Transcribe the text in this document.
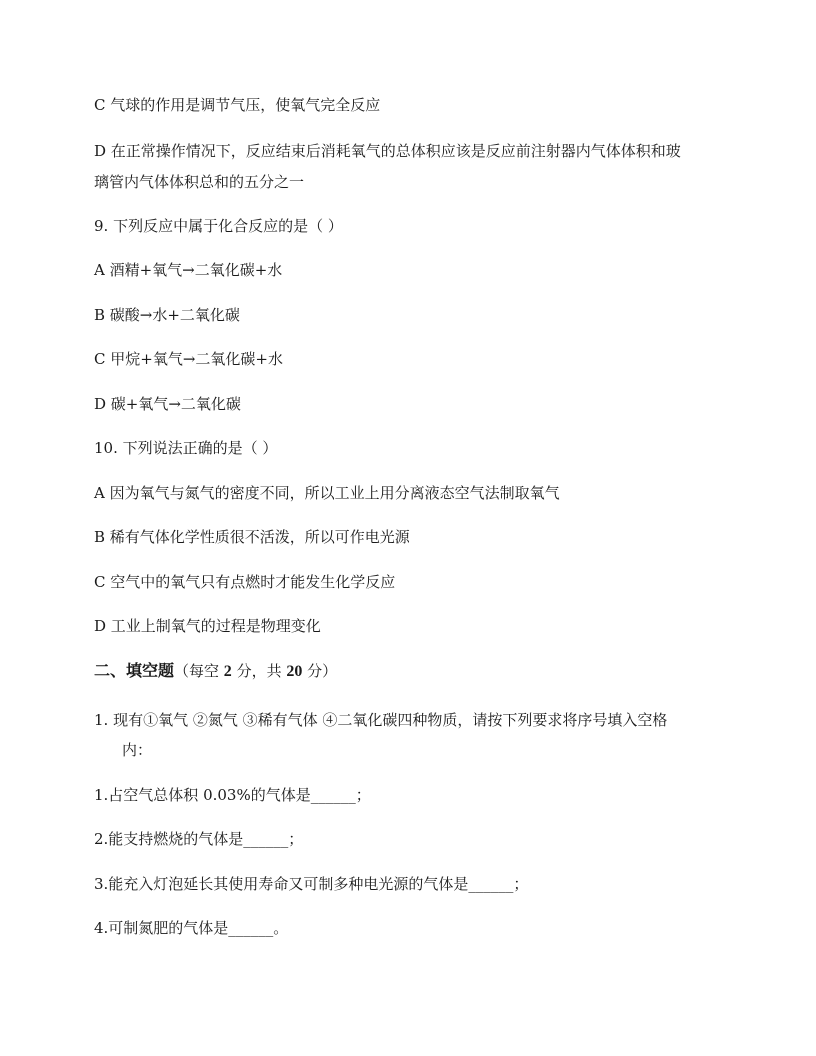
C 气球的作用是调节气压，使氧气完全反应
D 在正常操作情况下，反应结束后消耗氧气的总体积应该是反应前注射器内气体体积和玻
璃管内气体体积总和的五分之一
9. 下列反应中属于化合反应的是（ ）
A 酒精+氧气→二氧化碳+水
B 碳酸→水+二氧化碳
C 甲烷+氧气→二氧化碳+水
D 碳+氧气→二氧化碳
10. 下列说法正确的是（ ）
A 因为氧气与氮气的密度不同，所以工业上用分离液态空气法制取氧气
B 稀有气体化学性质很不活泼，所以可作电光源
C 空气中的氧气只有点燃时才能发生化学反应
D 工业上制氧气的过程是物理变化
二、填空题（每空 2 分，共 20 分）
1. 现有①氧气 ②氮气 ③稀有气体 ④二氧化碳四种物质，请按下列要求将序号填入空格
内：
1.占空气总体积 0.03%的气体是______；
2.能支持燃烧的气体是______；
3.能充入灯泡延长其使用寿命又可制多种电光源的气体是______；
4.可制氮肥的气体是______。
